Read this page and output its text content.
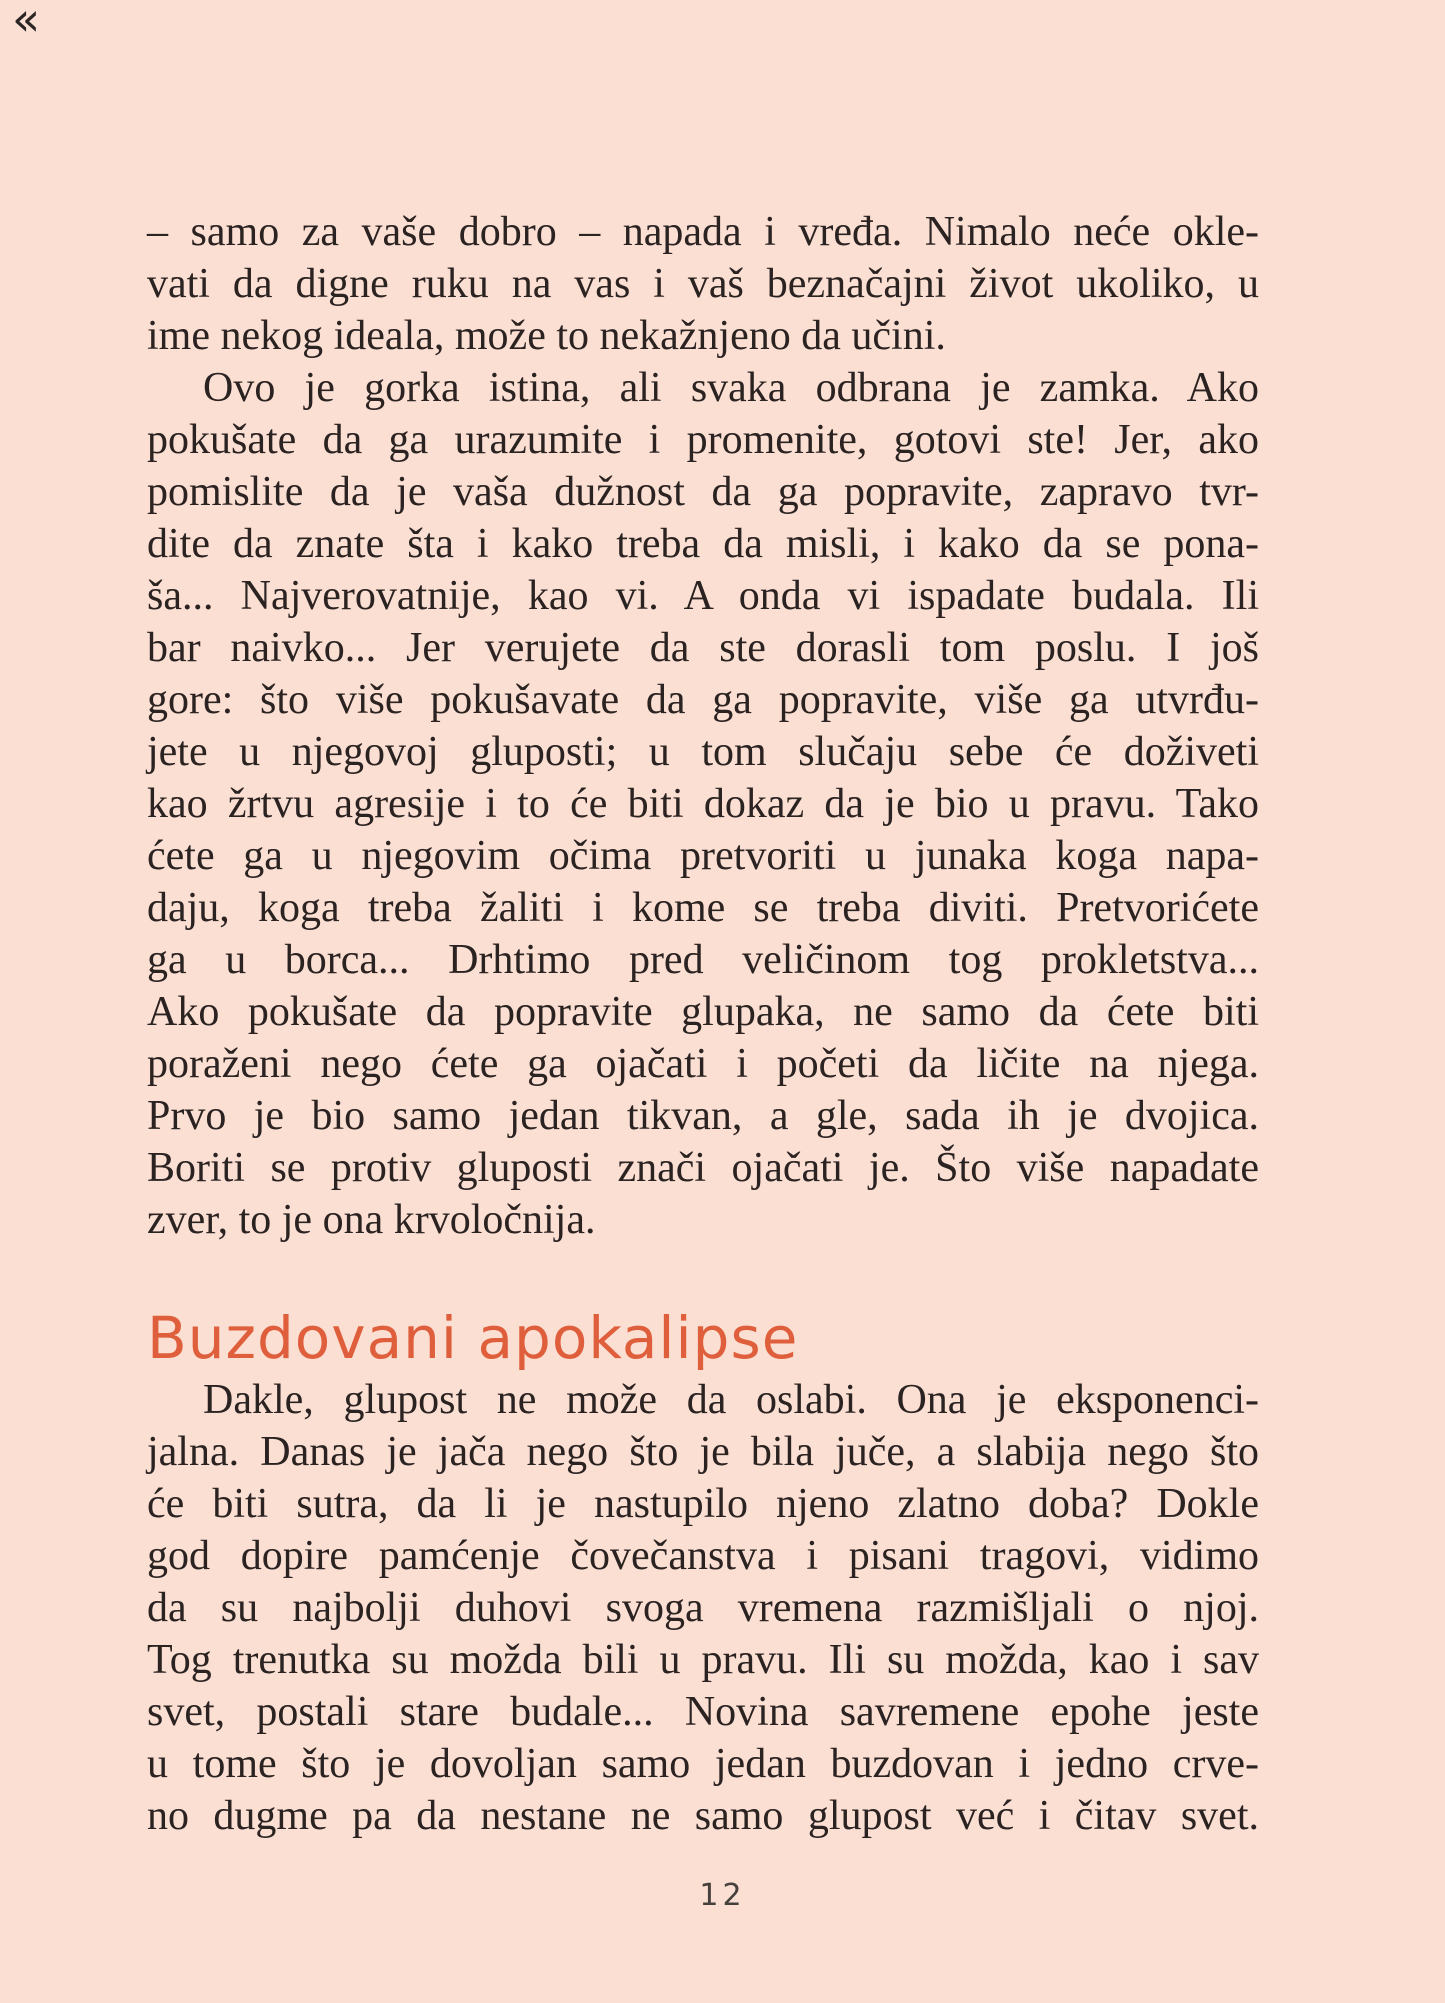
«
– samo za vaše dobro – napada i vređa. Nimalo neće okle-
vati da digne ruku na vas i vaš beznačajni život ukoliko, u
ime nekog ideala, može to nekažnjeno da učini.
Ovo je gorka istina, ali svaka odbrana je zamka. Ako
pokušate da ga urazumite i promenite, gotovi ste! Jer, ako
pomislite da je vaša dužnost da ga popravite, zapravo tvr-
dite da znate šta i kako treba da misli, i kako da se pona-
ša... Najverovatnije, kao vi. A onda vi ispadate budala. Ili
bar naivko... Jer verujete da ste dorasli tom poslu. I još
gore: što više pokušavate da ga popravite, više ga utvrđu-
jete u njegovoj gluposti; u tom slučaju sebe će doživeti
kao žrtvu agresije i to će biti dokaz da je bio u pravu. Tako
ćete ga u njegovim očima pretvoriti u junaka koga napa-
daju, koga treba žaliti i kome se treba diviti. Pretvorićete
ga u borca... Drhtimo pred veličinom tog prokletstva...
Ako pokušate da popravite glupaka, ne samo da ćete biti
poraženi nego ćete ga ojačati i početi da ličite na njega.
Prvo je bio samo jedan tikvan, a gle, sada ih je dvojica.
Boriti se protiv gluposti znači ojačati je. Što više napadate
zver, to je ona krvoločnija.
Buzdovani apokalipse
Dakle, glupost ne može da oslabi. Ona je eksponenci-
jalna. Danas je jača nego što je bila juče, a slabija nego što
će biti sutra, da li je nastupilo njeno zlatno doba? Dokle
god dopire pamćenje čovečanstva i pisani tragovi, vidimo
da su najbolji duhovi svoga vremena razmišljali o njoj.
Tog trenutka su možda bili u pravu. Ili su možda, kao i sav
svet, postali stare budale... Novina savremene epohe jeste
u tome što je dovoljan samo jedan buzdovan i jedno crve-
no dugme pa da nestane ne samo glupost već i čitav svet.
12
